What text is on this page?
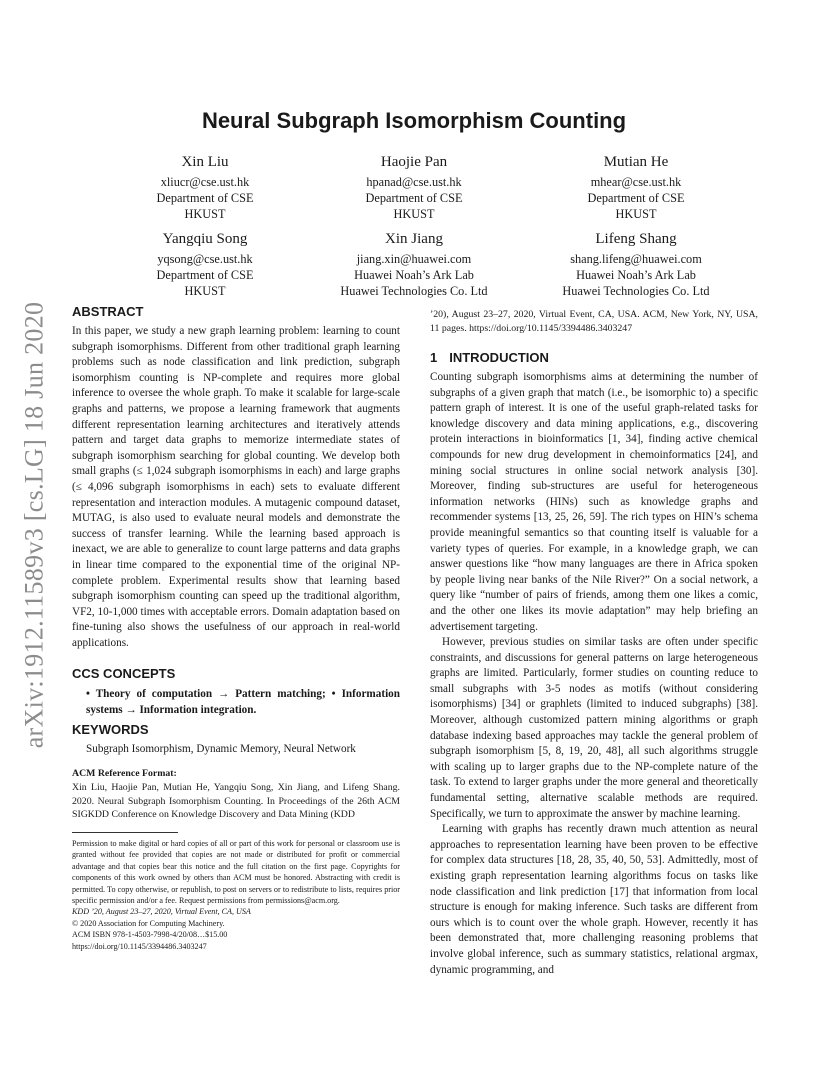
arXiv:1912.11589v3 [cs.LG] 18 Jun 2020
Neural Subgraph Isomorphism Counting
Xin Liu
xliucr@cse.ust.hk
Department of CSE
HKUST
Haojie Pan
hpanad@cse.ust.hk
Department of CSE
HKUST
Mutian He
mhear@cse.ust.hk
Department of CSE
HKUST
Yangqiu Song
yqsong@cse.ust.hk
Department of CSE
HKUST
Xin Jiang
jiang.xin@huawei.com
Huawei Noah’s Ark Lab
Huawei Technologies Co. Ltd
Lifeng Shang
shang.lifeng@huawei.com
Huawei Noah’s Ark Lab
Huawei Technologies Co. Ltd
ABSTRACT

In this paper, we study a new graph learning problem: learning to count subgraph isomorphisms. Different from other traditional graph learning problems such as node classification and link prediction, subgraph isomorphism counting is NP-complete and requires more global inference to oversee the whole graph. To make it scalable for large-scale graphs and patterns, we propose a learning framework that augments different representation learning architectures and iteratively attends pattern and target data graphs to memorize intermediate states of subgraph isomorphism searching for global counting. We develop both small graphs (≤ 1,024 subgraph isomorphisms in each) and large graphs (≤ 4,096 subgraph isomorphisms in each) sets to evaluate different representation and interaction modules. A mutagenic compound dataset, MUTAG, is also used to evaluate neural models and demonstrate the success of transfer learning. While the learning based approach is inexact, we are able to generalize to count large patterns and data graphs in linear time compared to the exponential time of the original NP-complete problem. Experimental results show that learning based subgraph isomorphism counting can speed up the traditional algorithm, VF2, 10-1,000 times with acceptable errors. Domain adaptation based on fine-tuning also shows the usefulness of our approach in real-world applications.

CCS CONCEPTS
• Theory of computation → Pattern matching; • Information systems → Information integration.
KEYWORDS
Subgraph Isomorphism, Dynamic Memory, Neural Network
ACM Reference Format:
Xin Liu, Haojie Pan, Mutian He, Yangqiu Song, Xin Jiang, and Lifeng Shang. 2020. Neural Subgraph Isomorphism Counting. In Proceedings of the 26th ACM SIGKDD Conference on Knowledge Discovery and Data Mining (KDD
Permission to make digital or hard copies of all or part of this work for personal or classroom use is granted without fee provided that copies are not made or distributed for profit or commercial advantage and that copies bear this notice and the full citation on the first page. Copyrights for components of this work owned by others than ACM must be honored. Abstracting with credit is permitted. To copy otherwise, or republish, to post on servers or to redistribute to lists, requires prior specific permission and/or a fee. Request permissions from permissions@acm.org.
KDD ’20, August 23–27, 2020, Virtual Event, CA, USA
© 2020 Association for Computing Machinery.
ACM ISBN 978-1-4503-7998-4/20/08…$15.00
https://doi.org/10.1145/3394486.3403247
’20), August 23–27, 2020, Virtual Event, CA, USA. ACM, New York, NY, USA, 11 pages. https://doi.org/10.1145/3394486.3403247
1 INTRODUCTION

Counting subgraph isomorphisms aims at determining the number of subgraphs of a given graph that match (i.e., be isomorphic to) a specific pattern graph of interest. It is one of the useful graph-related tasks for knowledge discovery and data mining applications, e.g., discovering protein interactions in bioinformatics [1, 34], finding active chemical compounds for new drug development in chemoinformatics [24], and mining social structures in online social network analysis [30]. Moreover, finding sub-structures are useful for heterogeneous information networks (HINs) such as knowledge graphs and recommender systems [13, 25, 26, 59]. The rich types on HIN’s schema provide meaningful semantics so that counting itself is valuable for a variety types of queries. For example, in a knowledge graph, we can answer questions like “how many languages are there in Africa spoken by people living near banks of the Nile River?” On a social network, a query like “number of pairs of friends, among them one likes a comic, and the other one likes its movie adaptation” may help briefing an advertisement targeting.

However, previous studies on similar tasks are often under specific constraints, and discussions for general patterns on large heterogeneous graphs are limited. Particularly, former studies on counting reduce to small subgraphs with 3-5 nodes as motifs (without considering isomorphisms) [34] or graphlets (limited to induced subgraphs) [38]. Moreover, although customized pattern mining algorithms or graph database indexing based approaches may tackle the general problem of subgraph isomorphism [5, 8, 19, 20, 48], all such algorithms struggle with scaling up to larger graphs due to the NP-complete nature of the task. To extend to larger graphs under the more general and theoretically fundamental setting, alternative scalable methods are required. Specifically, we turn to approximate the answer by machine learning.

Learning with graphs has recently drawn much attention as neural approaches to representation learning have been proven to be effective for complex data structures [18, 28, 35, 40, 50, 53]. Admittedly, most of existing graph representation learning algorithms focus on tasks like node classification and link prediction [17] that information from local structure is enough for making inference. Such tasks are different from ours which is to count over the whole graph. However, recently it has been demonstrated that, more challenging reasoning problems that involve global inference, such as summary statistics, relational argmax, dynamic programming, and
